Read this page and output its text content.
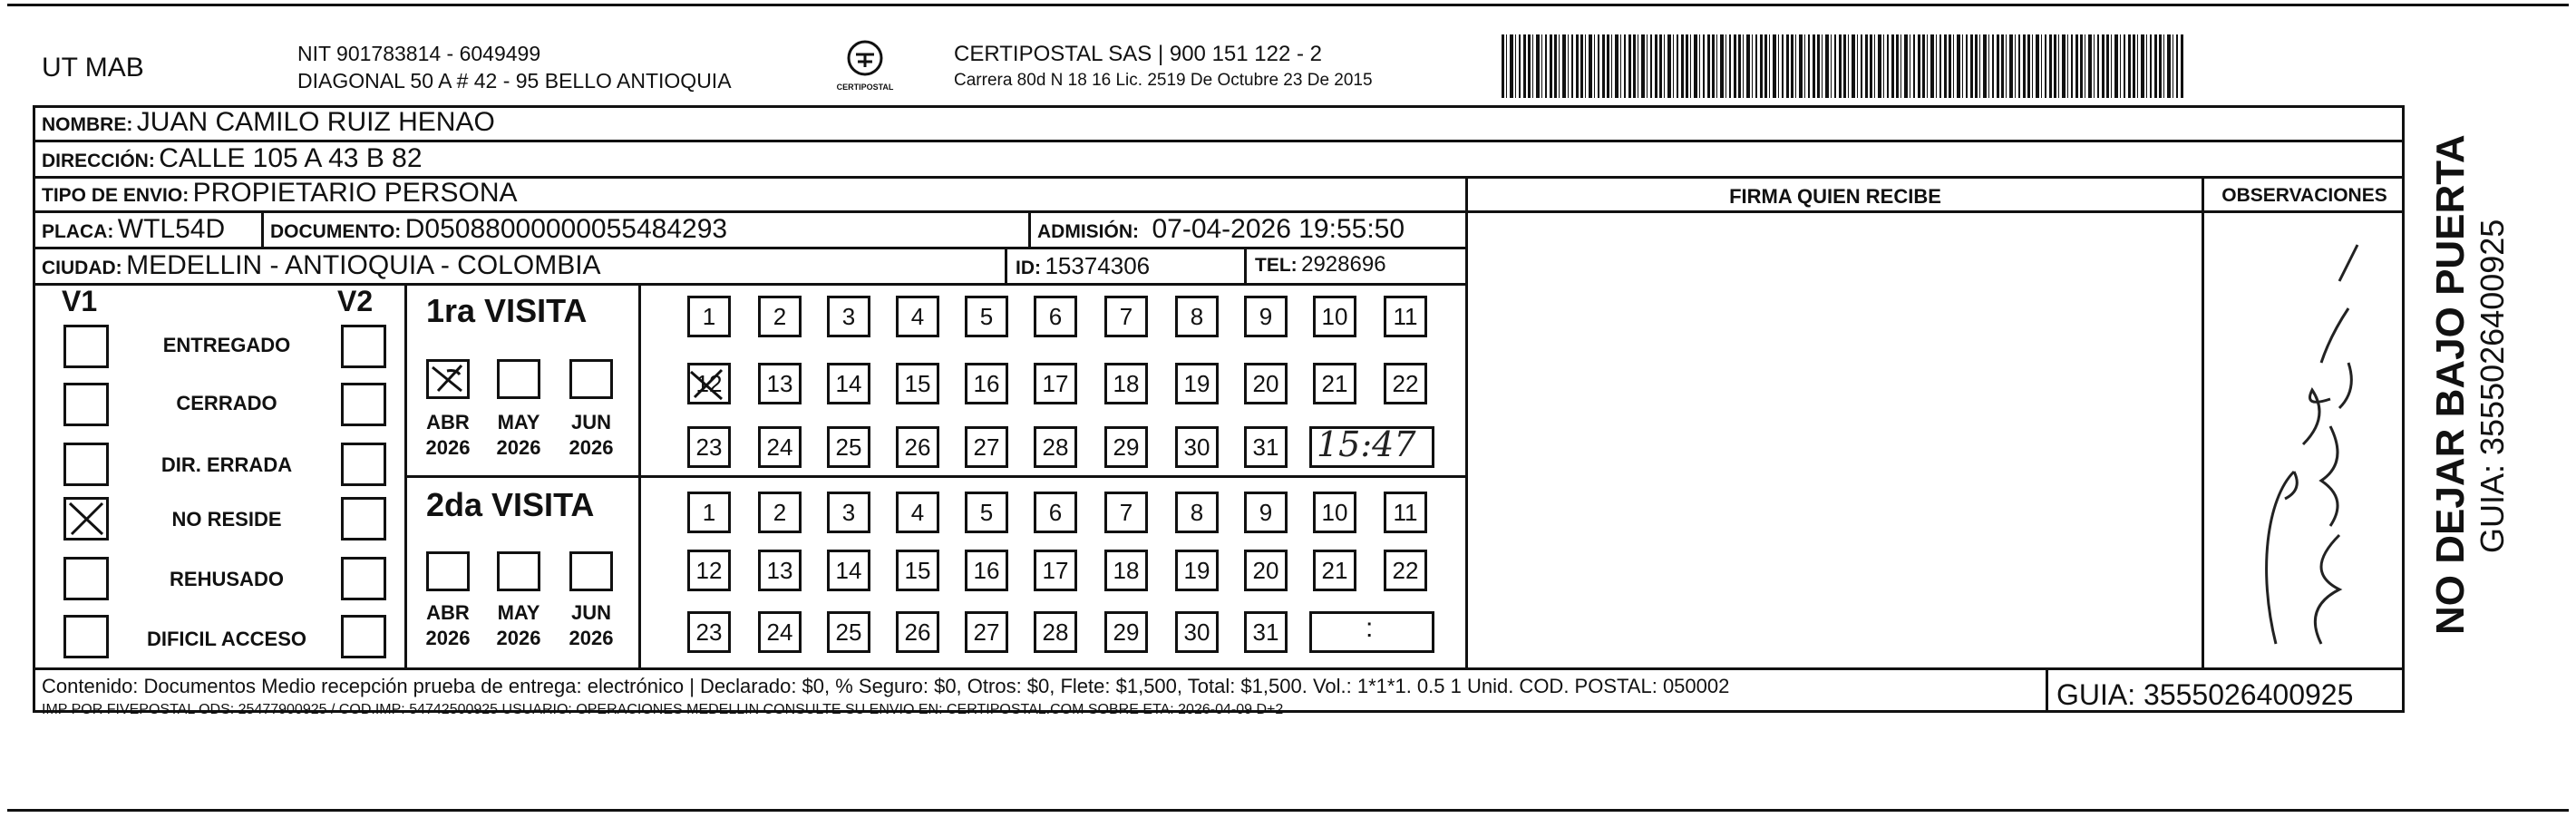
UT MAB	NIT 901783814 - 6049499
DIAGONAL 50 A # 42 - 95 BELLO ANTIOQUIA	CERTIPOSTAL
CERTIPOSTAL SAS | 900 151 122 - 2
Carrera 80d N 18 16 Lic. 2519 De Octubre 23 De 2015
NOMBRE: JUAN CAMILO RUIZ HENAO
DIRECCIÓN: CALLE 105 A 43 B 82
TIPO DE ENVIO: PROPIETARIO PERSONA	FIRMA QUIEN RECIBE	OBSERVACIONES
PLACA: WTL54D DOCUMENTO: D050880000000554842​93	ADMISIÓN: 07-04-2026 19:55:50
CIUDAD: MEDELLIN - ANTIOQUIA - COLOMBIA	ID: 15374306	TEL: 2928696
V1	V2
ENTREGADO
CERRADO
DIR. ERRADA
NO RESIDE
REHUSADO
DIFICIL ACCESO
1ra VISITA
ABR MAY JUN
2026 2026 2026
1	2	3	4	5	6	7	8	9	10	11
12	13	14	15	16	17	18	19	20	21	22
23	24	25	26	27	28	29	30	31 15:47
2da VISITA
ABR MAY JUN
2026 2026 2026
1	2	3	4	5	6	7	8	9	10	11
12	13	14	15	16	17	18	19	20	21	22
23	24	25	26	27	28	29	30	31	:
Contenido: Documentos Medio recepción prueba de entrega: electrónico | Declarado: $0, % Seguro: $0, Otros: $0, Flete: $1,500, Total: $1,500. Vol.: 1*1*1. 0.5 1 Unid. COD. POSTAL: 050002
IMP POR FIVEPOSTAL ODS: 25477900925 / COD.IMP: 54742500925 USUARIO: OPERACIONES MEDELLIN CONSULTE SU ENVIO EN: CERTIPOSTAL.COM SOBRE ETA: 2026-04-09 D+2	GUIA: 3555026400925
NO DEJAR BAJO PUERTA GUIA: 3555026400925
